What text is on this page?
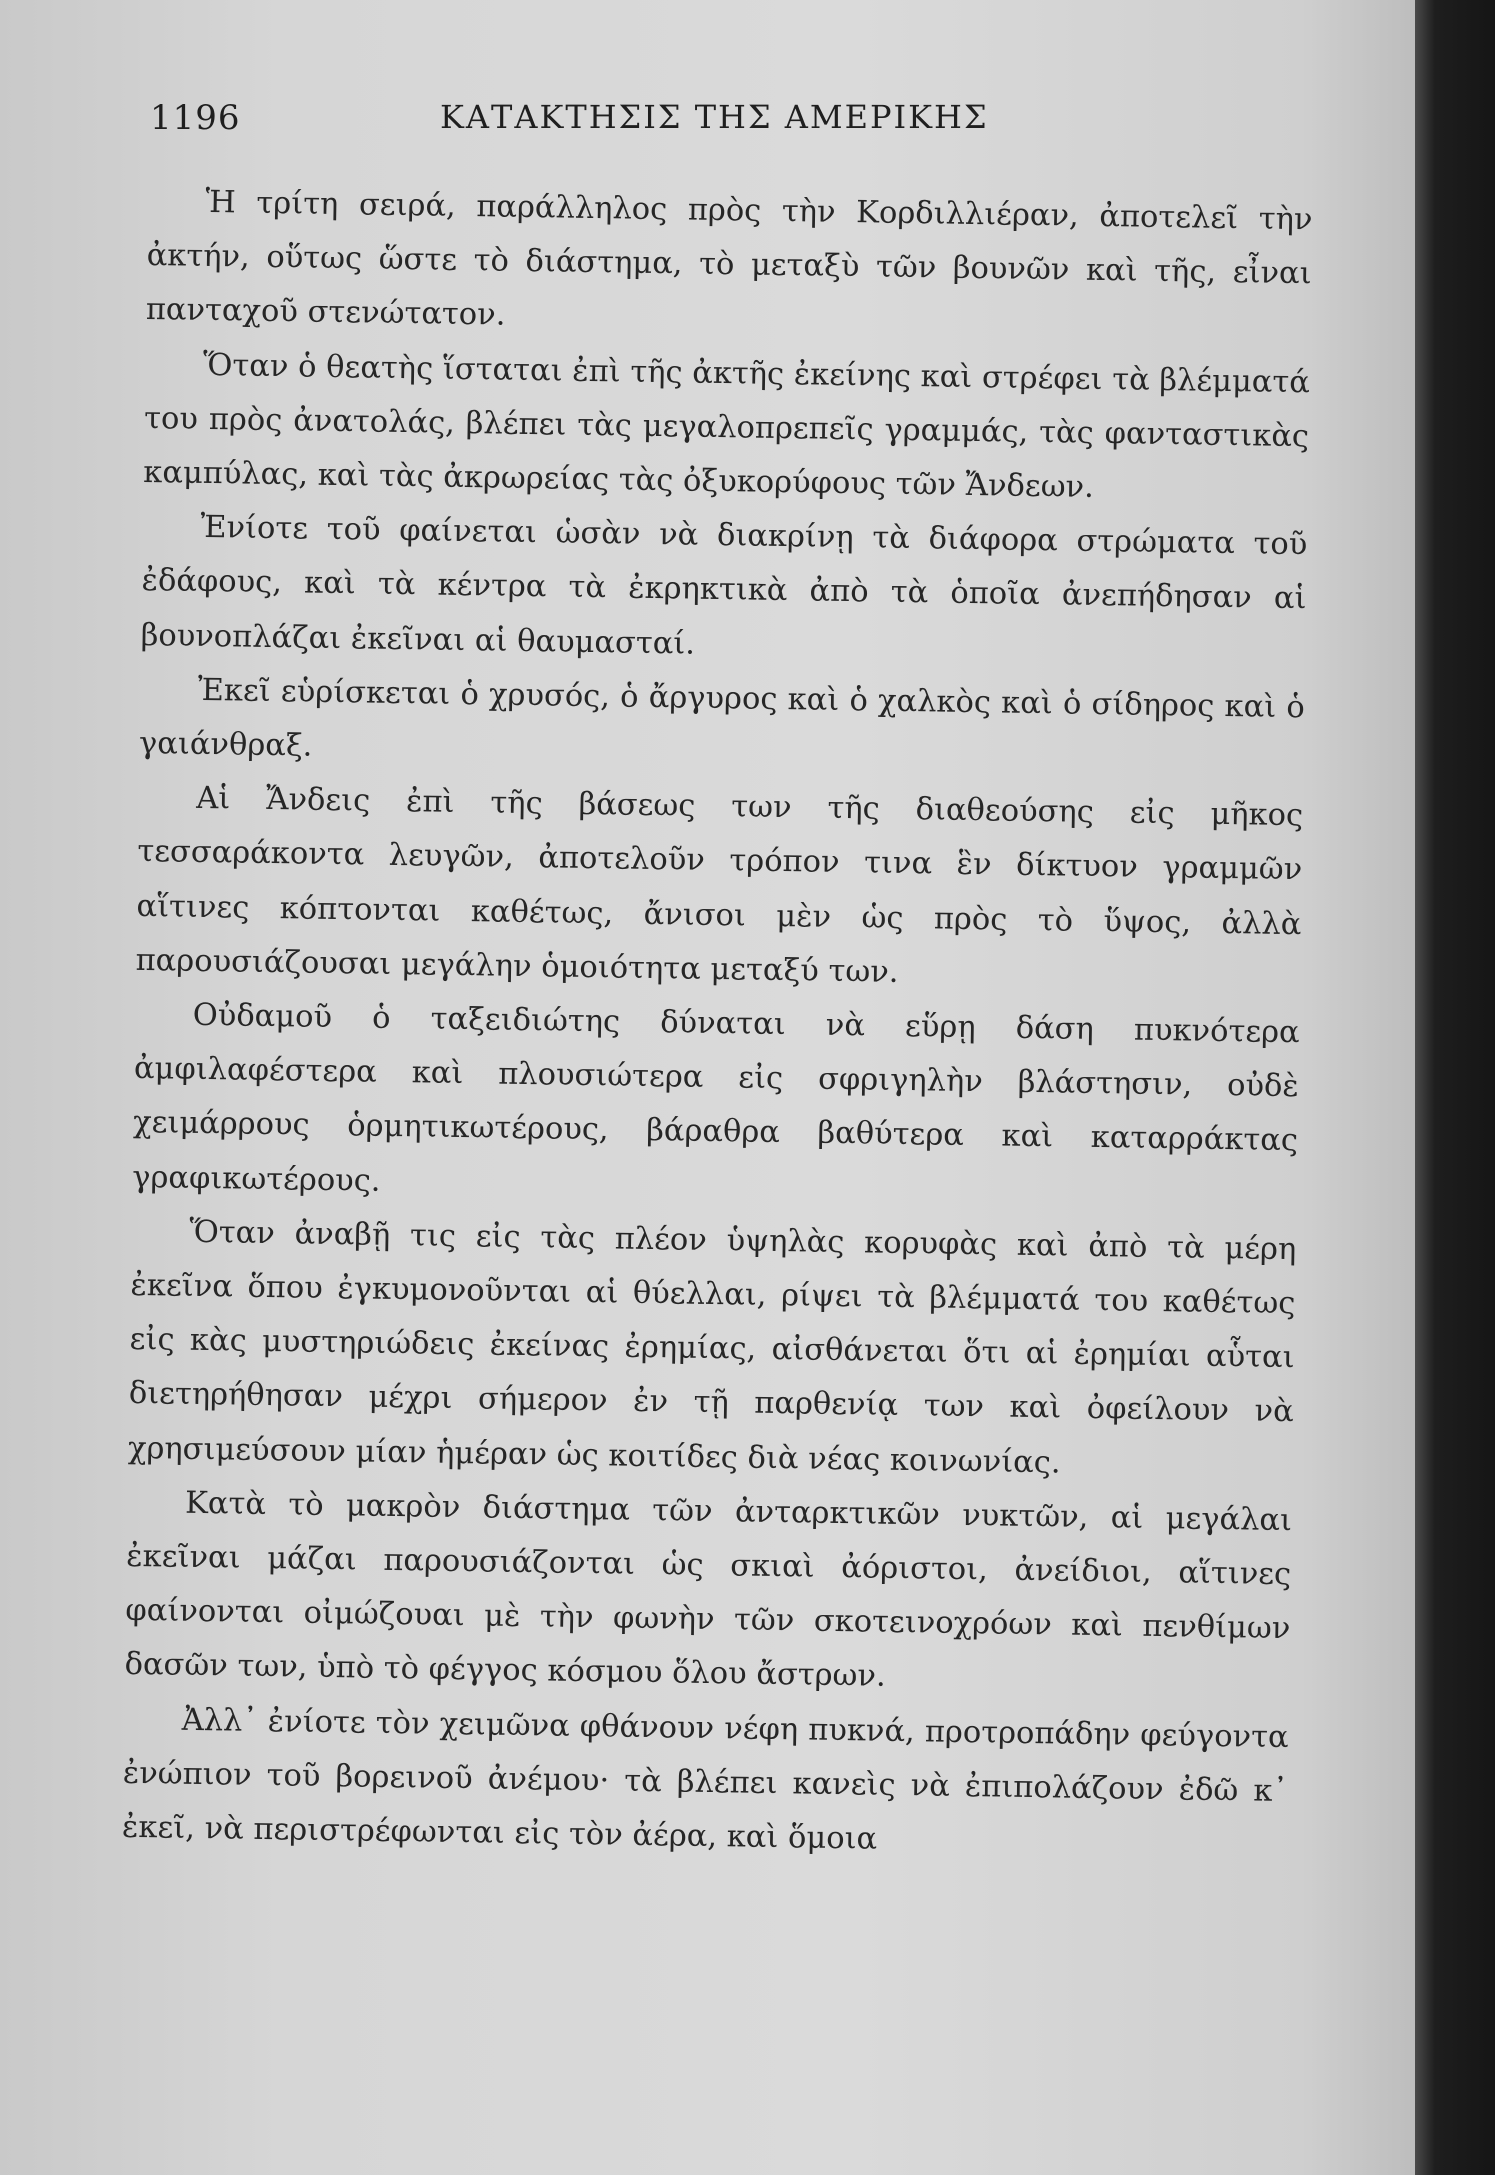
1196	ΚΑΤΑΚΤΗΣΙΣ ΤΗΣ ΑΜΕΡΙΚΗΣ

Ἡ τρίτη σειρά, παράλληλος πρὸς τὴν Κορδιλλιέραν, ἀποτελεῖ τὴν ἀκτήν, οὕτως ὥστε τὸ διάστημα, τὸ μεταξὺ τῶν βουνῶν καὶ τῆς, εἶναι πανταχοῦ στενώτατον.

Ὅταν ὁ θεατὴς ἵσταται ἐπὶ τῆς ἀκτῆς ἐκείνης καὶ στρέφει τὰ βλέμματά του πρὸς ἀνατολάς, βλέπει τὰς μεγαλοπρεπεῖς γραμμάς, τὰς φανταστικὰς καμπύλας, καὶ τὰς ἀκρωρείας τὰς ὀξυκορύφους τῶν Ἄνδεων.

Ἐνίοτε τοῦ φαίνεται ὡσὰν νὰ διακρίνῃ τὰ διάφορα στρώματα τοῦ ἐδάφους, καὶ τὰ κέντρα τὰ ἐκρηκτικὰ ἀπὸ τὰ ὁποῖα ἀνεπήδησαν αἱ βουνοπλάζαι ἐκεῖναι αἱ θαυμασταί.

Ἐκεῖ εὑρίσκεται ὁ χρυσός, ὁ ἄργυρος καὶ ὁ χαλκὸς καὶ ὁ σίδηρος καὶ ὁ γαιάνθραξ.

Αἱ Ἄνδεις ἐπὶ τῆς βάσεως των τῆς διαθεούσης εἰς μῆκος τεσσαράκοντα λευγῶν, ἀποτελοῦν τρόπον τινα ἓν δίκτυον γραμμῶν αἵτινες κόπτονται καθέτως, ἄνισοι μὲν ὡς πρὸς τὸ ὕψος, ἀλλὰ παρουσιάζουσαι μεγάλην ὁμοιότητα μεταξύ των.

Οὐδαμοῦ ὁ ταξειδιώτης δύναται νὰ εὕρῃ δάση πυκνότερα ἀμφιλαφέστερα καὶ πλουσιώτερα εἰς σφριγηλὴν βλάστησιν, οὐδὲ χειμάρρους ὁρμητικωτέρους, βάραθρα βαθύτερα καὶ καταρράκτας γραφικωτέρους.

Ὅταν ἀναβῇ τις εἰς τὰς πλέον ὑψηλὰς κορυφὰς καὶ ἀπὸ τὰ μέρη ἐκεῖνα ὅπου ἐγκυμονοῦνται αἱ θύελλαι, ρίψει τὰ βλέμματά του καθέτως εἰς κὰς μυστηριώδεις ἐκείνας ἐρημίας, αἰσθάνεται ὅτι αἱ ἐρημίαι αὗται διετηρήθησαν μέχρι σήμερον ἐν τῇ παρθενίᾳ των καὶ ὀφείλουν νὰ χρησιμεύσουν μίαν ἡμέραν ὡς κοιτίδες διὰ νέας κοινωνίας.

Κατὰ τὸ μακρὸν διάστημα τῶν ἀνταρκτικῶν νυκτῶν, αἱ μεγάλαι ἐκεῖναι μάζαι παρουσιάζονται ὡς σκιαὶ ἀόριστοι, ἀνείδιοι, αἵτινες φαίνονται οἰμώζουαι μὲ τὴν φωνὴν τῶν σκοτεινοχρόων καὶ πενθίμων δασῶν των, ὑπὸ τὸ φέγγος κόσμου ὅλου ἄστρων.

Ἀλλ᾽ ἐνίοτε τὸν χειμῶνα φθάνουν νέφη πυκνά, προτροπάδην φεύγοντα ἐνώπιον τοῦ βορεινοῦ ἀνέμου· τὰ βλέπει κανεὶς νὰ ἐπιπολάζουν ἐδῶ κ᾽ ἐκεῖ, νὰ περιστρέφωνται εἰς τὸν ἀέρα, καὶ ὅμοια
